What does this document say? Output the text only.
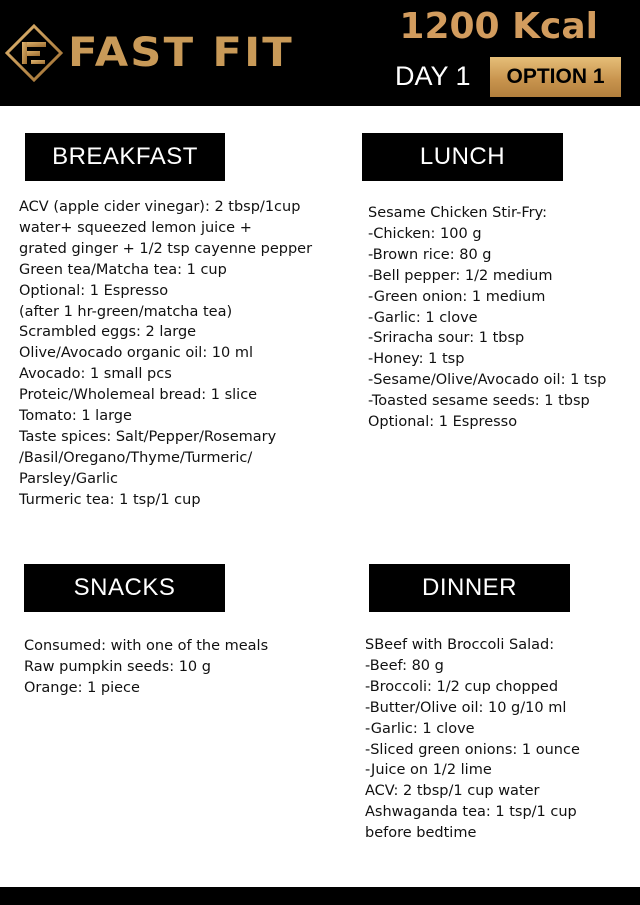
FAST FIT
1200 Kcal
DAY 1	OPTION 1
BREAKFAST
ACV (apple cider vinegar): 2 tbsp/1cup
water+ squeezed lemon juice +
grated ginger + 1/2 tsp cayenne pepper
Green tea/Matcha tea: 1 cup
Optional: 1 Espresso
(after 1 hr-green/matcha tea)
Scrambled eggs: 2 large
Olive/Avocado organic oil: 10 ml
Avocado: 1 small pcs
Proteic/Wholemeal bread: 1 slice
Tomato: 1 large
Taste spices: Salt/Pepper/Rosemary
/Basil/Oregano/Thyme/Turmeric/
Parsley/Garlic
Turmeric tea: 1 tsp/1 cup
LUNCH
Sesame Chicken Stir-Fry:
-Chicken: 100 g
-Brown rice: 80 g
-Bell pepper: 1/2 medium
-Green onion: 1 medium
-Garlic: 1 clove
-Sriracha sour: 1 tbsp
-Honey: 1 tsp
-Sesame/Olive/Avocado oil: 1 tsp
-Toasted sesame seeds: 1 tbsp
Optional: 1 Espresso
SNACKS
Consumed: with one of the meals
Raw pumpkin seeds: 10 g
Orange: 1 piece
DINNER
SBeef with Broccoli Salad:
-Beef: 80 g
-Broccoli: 1/2 cup chopped
-Butter/Olive oil: 10 g/10 ml
-Garlic: 1 clove
-Sliced green onions: 1 ounce
-Juice on 1/2 lime
ACV: 2 tbsp/1 cup water
Ashwaganda tea: 1 tsp/1 cup
before bedtime
